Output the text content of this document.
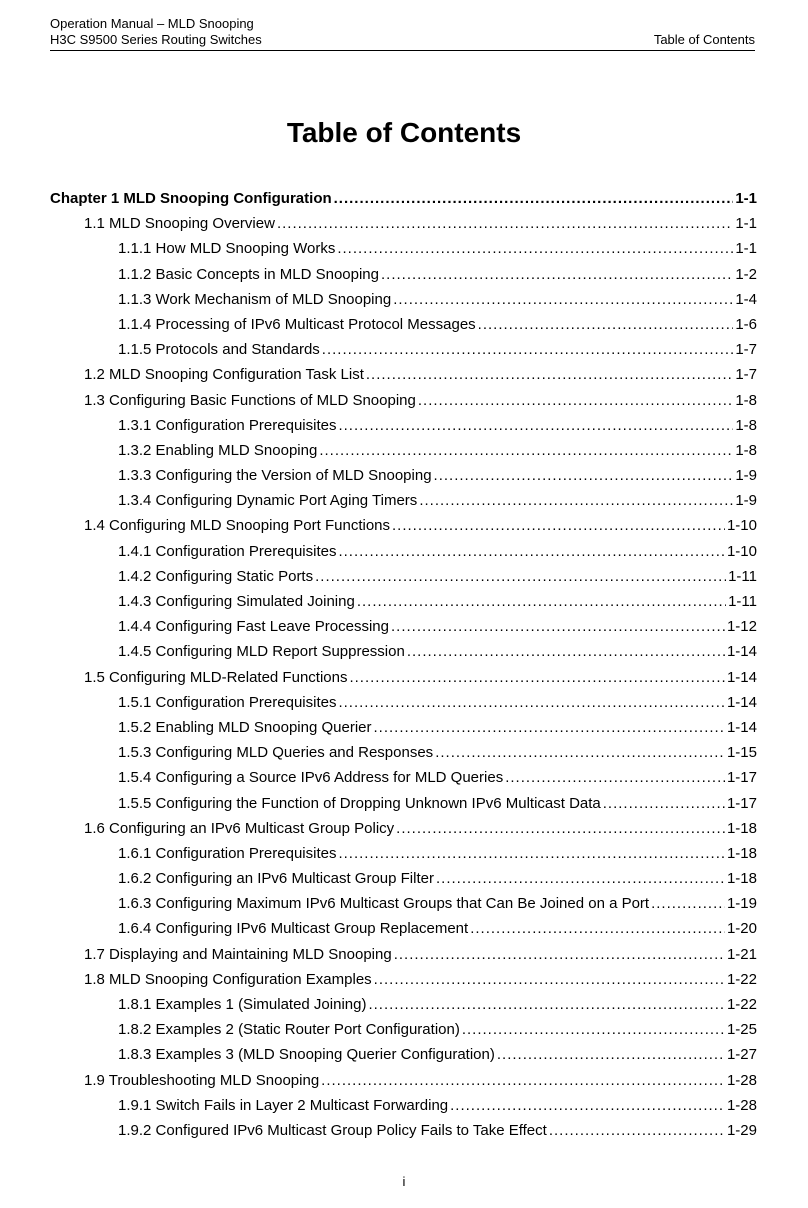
Operation Manual – MLD Snooping
H3C S9500 Series Routing Switches	Table of Contents
Table of Contents
Chapter 1 MLD Snooping Configuration .....	1-1
1.1 MLD Snooping Overview .....	1-1
1.1.1 How MLD Snooping Works .....	1-1
1.1.2 Basic Concepts in MLD Snooping .....	1-2
1.1.3 Work Mechanism of MLD Snooping .....	1-4
1.1.4 Processing of IPv6 Multicast Protocol Messages .....	1-6
1.1.5 Protocols and Standards .....	1-7
1.2 MLD Snooping Configuration Task List .....	1-7
1.3 Configuring Basic Functions of MLD Snooping .....	1-8
1.3.1 Configuration Prerequisites .....	1-8
1.3.2 Enabling MLD Snooping .....	1-8
1.3.3 Configuring the Version of MLD Snooping .....	1-9
1.3.4 Configuring Dynamic Port Aging Timers .....	1-9
1.4 Configuring MLD Snooping Port Functions .....	1-10
1.4.1 Configuration Prerequisites .....	1-10
1.4.2 Configuring Static Ports .....	1-11
1.4.3 Configuring Simulated Joining .....	1-11
1.4.4 Configuring Fast Leave Processing .....	1-12
1.4.5 Configuring MLD Report Suppression .....	1-14
1.5 Configuring MLD-Related Functions .....	1-14
1.5.1 Configuration Prerequisites .....	1-14
1.5.2 Enabling MLD Snooping Querier .....	1-14
1.5.3 Configuring MLD Queries and Responses .....	1-15
1.5.4 Configuring a Source IPv6 Address for MLD Queries .....	1-17
1.5.5 Configuring the Function of Dropping Unknown IPv6 Multicast Data .....	1-17
1.6 Configuring an IPv6 Multicast Group Policy .....	1-18
1.6.1 Configuration Prerequisites .....	1-18
1.6.2 Configuring an IPv6 Multicast Group Filter .....	1-18
1.6.3 Configuring Maximum IPv6 Multicast Groups that Can Be Joined on a Port .....	1-19
1.6.4 Configuring IPv6 Multicast Group Replacement .....	1-20
1.7 Displaying and Maintaining MLD Snooping .....	1-21
1.8 MLD Snooping Configuration Examples .....	1-22
1.8.1 Examples 1 (Simulated Joining) .....	1-22
1.8.2 Examples 2 (Static Router Port Configuration) .....	1-25
1.8.3 Examples 3 (MLD Snooping Querier Configuration) .....	1-27
1.9 Troubleshooting MLD Snooping .....	1-28
1.9.1 Switch Fails in Layer 2 Multicast Forwarding .....	1-28
1.9.2 Configured IPv6 Multicast Group Policy Fails to Take Effect .....	1-29
i
